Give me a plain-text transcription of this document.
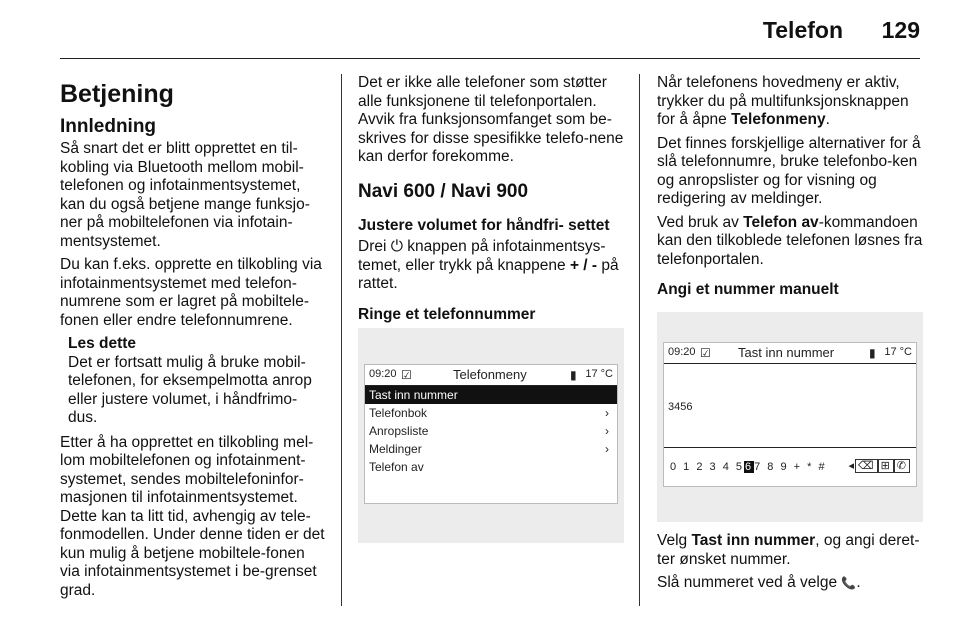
Telefon 129
Betjening
Innledning

Så snart det er blitt opprettet en til-kobling via Bluetooth mellom mobil-telefonen og infotainmentsystemet, kan du også betjene mange funksjo-ner på mobiltelefonen via infotain-mentsystemet.

Du kan f.eks. opprette en tilkobling via infotainmentsystemet med telefon-numrene som er lagret på mobiltele-fonen eller endre telefonnumrene.

Les dette

Det er fortsatt mulig å bruke mobil-telefonen, for eksempelmotta anrop eller justere volumet, i håndfrimo-dus.

Etter å ha opprettet en tilkobling mel-lom mobiltelefonen og infotainment-systemet, sendes mobiltelefoninfor-masjonen til infotainmentsystemet. Dette kan ta litt tid, avhengig av tele-fonmodellen. Under denne tiden er det kun mulig å betjene mobiltele-fonen via infotainmentsystemet i be-grenset grad.

Det er ikke alle telefoner som støtter alle funksjonene til telefonportalen. Avvik fra funksjonsomfanget som be-skrives for disse spesifikke telefo-nene kan derfor forekomme.

Navi 600 / Navi 900
Justere volumet for håndfri- settet

Drei ⏻ knappen på infotainmentsys-temet, eller trykk på knappene + / - på rattet.

Ringe et telefonnummer
09:20 ☑	Telefonmeny	▮ 17 °C
Tast inn nummer
Telefonbok	›
Anropsliste	›
Meldinger	›
Telefon av

Når telefonens hovedmeny er aktiv, trykker du på multifunksjonsknappen for å åpne Telefonmeny.

Det finnes forskjellige alternativer for å slå telefonnumre, bruke telefonbo-ken og anropslister og for visning og redigering av meldinger.

Ved bruk av Telefon av-kommandoen kan den tilkoblede telefonen løsnes fra telefonportalen.

Angi et nummer manuelt
09:20 ☑ Tast inn nummer	▮ 17 °C
3456
0 1 2 3 4 567 8 9 + * # ◂ ⌫ ⊞ ✆

Velg Tast inn nummer, og angi deret-ter ønsket nummer.

Slå nummeret ved å velge 📞.
